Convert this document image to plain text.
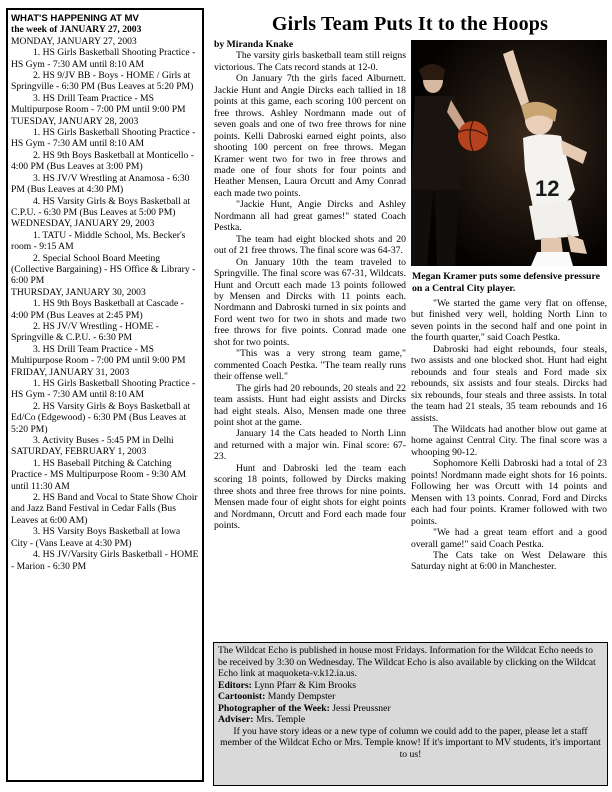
WHAT'S HAPPENING AT MV
the week of JANUARY 27, 2003
MONDAY, JANUARY 27, 2003
1. HS Girls Basketball Shooting Practice - HS Gym - 7:30 AM until 8:10 AM
2. HS 9/JV BB - Boys - HOME / Girls at Springville - 6:30 PM (Bus Leaves at 5:20 PM)
3. HS Drill Team Practice - MS Multipurpose Room - 7:00 PM until 9:00 PM
TUESDAY, JANUARY 28, 2003
1. HS Girls Basketball Shooting Practice - HS Gym - 7:30 AM until 8:10 AM
2. HS 9th Boys Basketball at Monticello - 4:00 PM (Bus Leaves at 3:00 PM)
3. HS JV/V Wrestling at Anamosa - 6:30 PM (Bus Leaves at 4:30 PM)
4. HS Varsity Girls & Boys Basketball at C.P.U. - 6:30 PM (Bus Leaves at 5:00 PM)
WEDNESDAY, JANUARY 29, 2003
1. TATU - Middle School, Ms. Becker's room - 9:15 AM
2. Special School Board Meeting (Collective Bargaining) - HS Office & Library - 6:00 PM
THURSDAY, JANUARY 30, 2003
1. HS 9th Boys Basketball at Cascade - 4:00 PM (Bus Leaves at 2:45 PM)
2. HS JV/V Wrestling - HOME - Springville & C.P.U. - 6:30 PM
3. HS Drill Team Practice - MS Multipurpose Room - 7:00 PM until 9:00 PM
FRIDAY, JANUARY 31, 2003
1. HS Girls Basketball Shooting Practice - HS Gym - 7:30 AM until 8:10 AM
2. HS Varsity Girls & Boys Basketball at Ed/Co (Edgewood) - 6:30 PM (Bus Leaves at 5:20 PM)
3. Activity Buses - 5:45 PM in Delhi
SATURDAY, FEBRUARY 1, 2003
1. HS Baseball Pitching & Catching Practice - MS Multipurpose Room - 9:30 AM until 11:30 AM
2. HS Band and Vocal to State Show Choir and Jazz Band Festival in Cedar Falls (Bus Leaves at 6:00 AM)
3. HS Varsity Boys Basketball at Iowa City - (Vans Leave at 4:30 PM)
4. HS JV/Varsity Girls Basketball - HOME - Marion - 6:30 PM
Girls Team Puts It to the Hoops

by Miranda Knake

The varsity girls basketball team still reigns victorious. The Cats record stands at 12-0.

On January 7th the girls faced Alburnett. Jackie Hunt and Angie Dircks each tallied in 18 points at this game, each scoring 100 percent on free throws. Ashley Nordmann made out of seven goals and one of two free throws for nine points. Kelli Dabroski earned eight points, also shooting 100 percent on free throws. Megan Kramer went two for two in free throws and made one of four shots for four points and Heather Mensen, Laura Orcutt and Amy Conrad each made two points.

"Jackie Hunt, Angie Dircks and Ashley Nordmann all had great games!" stated Coach Pestka.

The team had eight blocked shots and 20 out of 21 free throws. The final score was 64-37.

On January 10th the team traveled to Springville. The final score was 67-31, Wildcats. Hunt and Orcutt each made 13 points followed by Mensen and Dircks with 11 points each. Nordmann and Dabroski turned in six points and Ford went two for two in shots and made two free throws for five points. Conrad made one shot for two points.

"This was a very strong team game," commented Coach Pestka. "The team really runs their offense well."

The girls had 20 rebounds, 20 steals and 22 team assists. Hunt had eight assists and Dircks had eight steals. Also, Mensen made one three point shot at the game.

January 14 the Cats headed to North Linn and returned with a major win. Final score: 67-23.

Hunt and Dabroski led the team each scoring 18 points, followed by Dircks making three shots and three free throws for nine points. Mensen made four of eight shots for eight points and Nordmann, Orcutt and Ford each made four points.

12
Megan Kramer puts some defensive pressure on a Central City player.

"We started the game very flat on offense, but finished very well, holding North Linn to seven points in the second half and one point in the fourth quarter," said Coach Pestka.

Dabroski had eight rebounds, four steals, two assists and one blocked shot. Hunt had eight rebounds and four steals and Ford made six rebounds, six assists and four steals. Dircks had six rebounds, four steals and three assists. In total the team had 21 steals, 35 team rebounds and 16 assists.

The Wildcats had another blow out game at home against Central City. The final score was a whooping 90-12.

Sophomore Kelli Dabroski had a total of 23 points! Nordmann made eight shots for 16 points. Following her was Orcutt with 14 points and Mensen with 13 points. Conrad, Ford and Dircks each had four points. Kramer followed with two points.

"We had a great team effort and a good overall game!" said Coach Pestka.

The Cats take on West Delaware this Saturday night at 6:00 in Manchester.

The Wildcat Echo is published in house most Fridays. Information for the Wildcat Echo needs to be received by 3:30 on Wednesday. The Wildcat Echo is also available by clicking on the Wildcat Echo link at maquoketa-v.k12.ia.us.
Editors: Lynn Pfarr & Kim Brooks
Cartoonist: Mandy Dempster
Photographer of the Week: Jessi Preussner
Adviser: Mrs. Temple
If you have story ideas or a new type of column we could add to the paper, please let a staff member of the Wildcat Echo or Mrs. Temple know! If it's important to MV students, it's important to us!
